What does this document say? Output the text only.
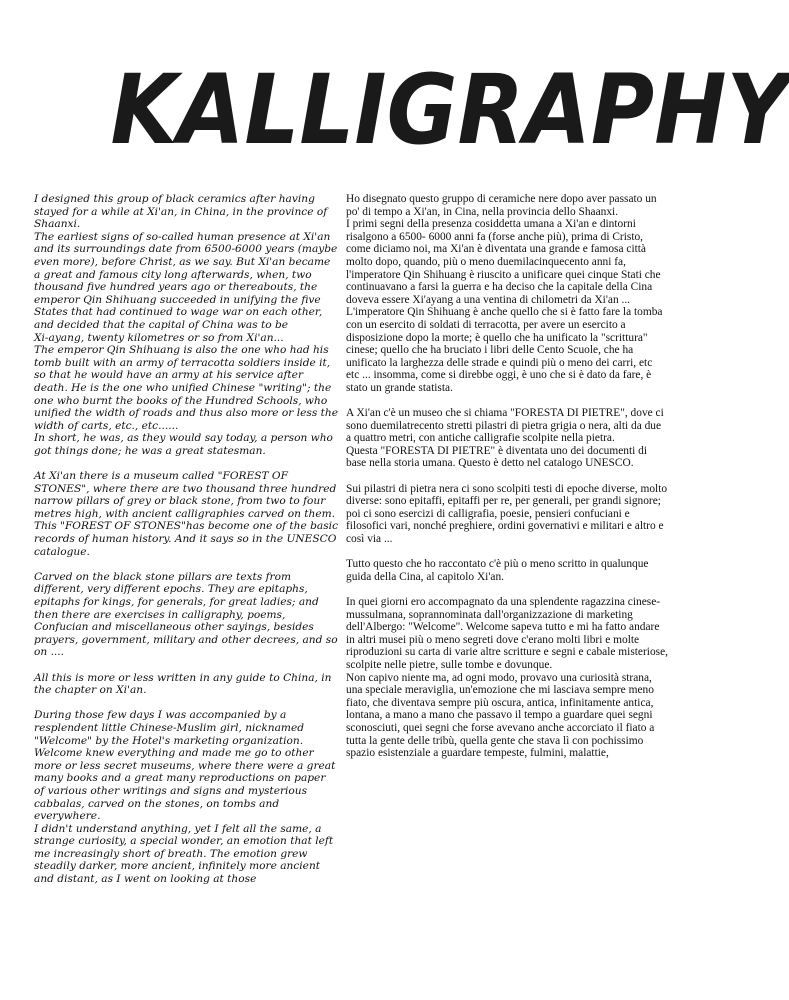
KALLIGRAPHY

I designed this group of black ceramics after having stayed for a while at Xi'an, in China, in the province of Shaanxi.
The earliest signs of so-called human presence at Xi'an and its surroundings date from 6500-6000 years (maybe even more), before Christ, as we say. But Xi'an became a great and famous city long afterwards, when, two thousand five hundred years ago or thereabouts, the emperor Qin Shihuang succeeded in unifying the five States that had continued to wage war on each other, and decided that the capital of China was to be
Xi-ayang, twenty kilometres or so from Xi'an...
The emperor Qin Shihuang is also the one who had his tomb built with an army of terracotta soldiers inside it, so that he would have an army at his service after death. He is the one who unified Chinese "writing"; the one who burnt the books of the Hundred Schools, who unified the width of roads and thus also more or less the width of carts, etc., etc......
In short, he was, as they would say today, a person who got things done; he was a great statesman.

At Xi'an there is a museum called "FOREST OF STONES", where there are two thousand three hundred narrow pillars of grey or black stone, from two to four metres high, with ancient calligraphies carved on them.
This "FOREST OF STONES"has become one of the basic records of human history. And it says so in the UNESCO catalogue.

Carved on the black stone pillars are texts from different, very different epochs. They are epitaphs, epitaphs for kings, for generals, for great ladies; and then there are exercises in calligraphy, poems, Confucian and miscellaneous other sayings, besides prayers, government, military and other decrees, and so on ....

All this is more or less written in any guide to China, in the chapter on Xi'an.

During those few days I was accompanied by a resplendent little Chinese-Muslim girl, nicknamed "Welcome" by the Hotel's marketing organization. Welcome knew everything and made me go to other more or less secret museums, where there were a great many books and a great many reproductions on paper of various other writings and signs and mysterious cabbalas, carved on the stones, on tombs and everywhere.
I didn't understand anything, yet I felt all the same, a strange curiosity, a special wonder, an emotion that left me increasingly short of breath. The emotion grew steadily darker, more ancient, infinitely more ancient and distant, as I went on looking at those

Ho disegnato questo gruppo di ceramiche nere dopo aver passato un po' di tempo a Xi'an, in Cina, nella provincia dello Shaanxi.
I primi segni della presenza cosiddetta umana a Xi'an e dintorni risalgono a 6500- 6000 anni fa (forse anche più), prima di Cristo, come diciamo noi, ma Xi'an è diventata una grande e famosa città molto dopo, quando, più o meno duemilacinquecento anni fa, l'imperatore Qin Shihuang è riuscito a unificare quei cinque Stati che continuavano a farsi la guerra e ha deciso che la capitale della Cina doveva essere Xi'ayang a una ventina di chilometri da Xi'an ...
L'imperatore Qin Shihuang è anche quello che si è fatto fare la tomba con un esercito di soldati di terracotta, per avere un esercito a disposizione dopo la morte; è quello che ha unificato la "scrittura" cinese; quello che ha bruciato i libri delle Cento Scuole, che ha unificato la larghezza delle strade e quindi più o meno dei carri, etc etc ... insomma, come si direbbe oggi, è uno che si è dato da fare, è stato un grande statista.

A Xi'an c'è un museo che si chiama "FORESTA DI PIETRE", dove ci sono duemilatrecento stretti pilastri di pietra grigia o nera, alti da due a quattro metri, con antiche calligrafie scolpite nella pietra.
Questa "FORESTA DI PIETRE" è diventata uno dei documenti di base nella storia umana. Questo è detto nel catalogo UNESCO.

Sui pilastri di pietra nera ci sono scolpiti testi di epoche diverse, molto diverse: sono epitaffi, epitaffi per re, per generali, per grandi signore; poi ci sono esercizi di calligrafia, poesie, pensieri confuciani e filosofici vari, nonché preghiere, ordini governativi e militari e altro e così via ...

Tutto questo che ho raccontato c'è più o meno scritto in qualunque guida della Cina, al capitolo Xi'an.

In quei giorni ero accompagnato da una splendente ragazzina cinese-mussulmana, soprannominata dall'organizzazione di marketing dell'Albergo: "Welcome". Welcome sapeva tutto e mi ha fatto andare in altri musei più o meno segreti dove c'erano molti libri e molte riproduzioni su carta di varie altre scritture e segni e cabale misteriose, scolpite nelle pietre, sulle tombe e dovunque.
Non capivo niente ma, ad ogni modo, provavo una curiosità strana, una speciale meraviglia, un'emozione che mi lasciava sempre meno fiato, che diventava sempre più oscura, antica, infinitamente antica, lontana, a mano a mano che passavo il tempo a guardare quei segni sconosciuti, quei segni che forse avevano anche accorciato il fiato a tutta la gente delle tribù, quella gente che stava lì con pochissimo spazio esistenziale a guardare tempeste, fulmini, malattie,
